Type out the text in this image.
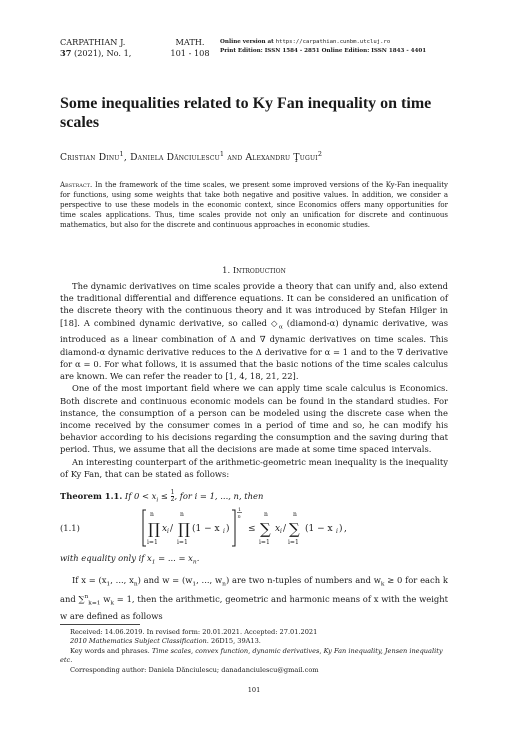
CARPATHIAN J.
37 (2021), No. 1,
MATH.
101 - 108
Online version at https://carpathian.cunbm.utcluj.ro
Print Edition: ISSN 1584 - 2851 Online Edition: ISSN 1843 - 4401
Some inequalities related to Ky Fan inequality on time
scales
Cristian Dinu$^1$, Daniela Dănciulescu$^1$ and Alexandru Ţugui$^2$
Abstract. In the framework of the time scales, we present some improved versions of the Ky-Fan inequality for functions, using some weights that take both negative and positive values. In addition, we consider a perspective to use these models in the economic context, since Economics offers many opportunities for time scales applications. Thus, time scales provide not only an unification for discrete and continuous mathematics, but also for the discrete and continuous approaches in economic studies.
1. Introduction

The dynamic derivatives on time scales provide a theory that can unify and, also extend the traditional differential and difference equations. It can be considered an unification of the discrete theory with the continuous theory and it was introduced by Stefan Hilger in [18]. A combined dynamic derivative, so called $◇_\alpha$ (diamond-α) dynamic derivative, was introduced as a linear combination of Δ and ∇ dynamic derivatives on time scales. This diamond-α dynamic derivative reduces to the Δ derivative for α = 1 and to the ∇ derivative for α = 0. For what follows, it is assumed that the basic notions of the time scales calculus are known. We can refer the reader to [1, 4, 18, 21, 22].

One of the most important field where we can apply time scale calculus is Economics. Both discrete and continuous economic models can be found in the standard studies. For instance, the consumption of a person can be modeled using the discrete case when the income received by the consumer comes in a period of time and so, he can modify his behavior according to his decisions regarding the consumption and the saving during that period. Thus, we assume that all the decisions are made at some time spaced intervals.

An interesting counterpart of the arithmetic-geometric mean inequality is the inequality of Ky Fan, that can be stated as follows:

Theorem 1.1. If $0 < x_i \le \frac{1}{2}$ , for i = 1, ..., n, then
(1.1)
n
∏
i=1
x i /
n
∏
i=1
(1 − x i )
1
n
≤
n
∑
i=1
x i /
n
∑
i=1
(1 − x i ) ,
with equality only if $x_1$ = ... = $x_n$.

If $x = (x_1$, ..., $x_n$) and $w = (w_1$, ..., $w_n$) are two n-tuples of numbers and $w_k \ge 0$ for each k and ∑$^n_{k=1}$ $w_k = 1$, then the arithmetic, geometric and harmonic means of x with the weight w are defined as follows

Received: 14.06.2019. In revised form: 20.01.2021. Accepted: 27.01.2021
2010 Mathematics Subject Classification. 26D15, 39A13.
Key words and phrases. Time scales, convex function, dynamic derivatives, Ky Fan inequality, Jensen inequality etc.
Corresponding author: Daniela Dănciulescu; danadanciulescu@gmail.com
101
